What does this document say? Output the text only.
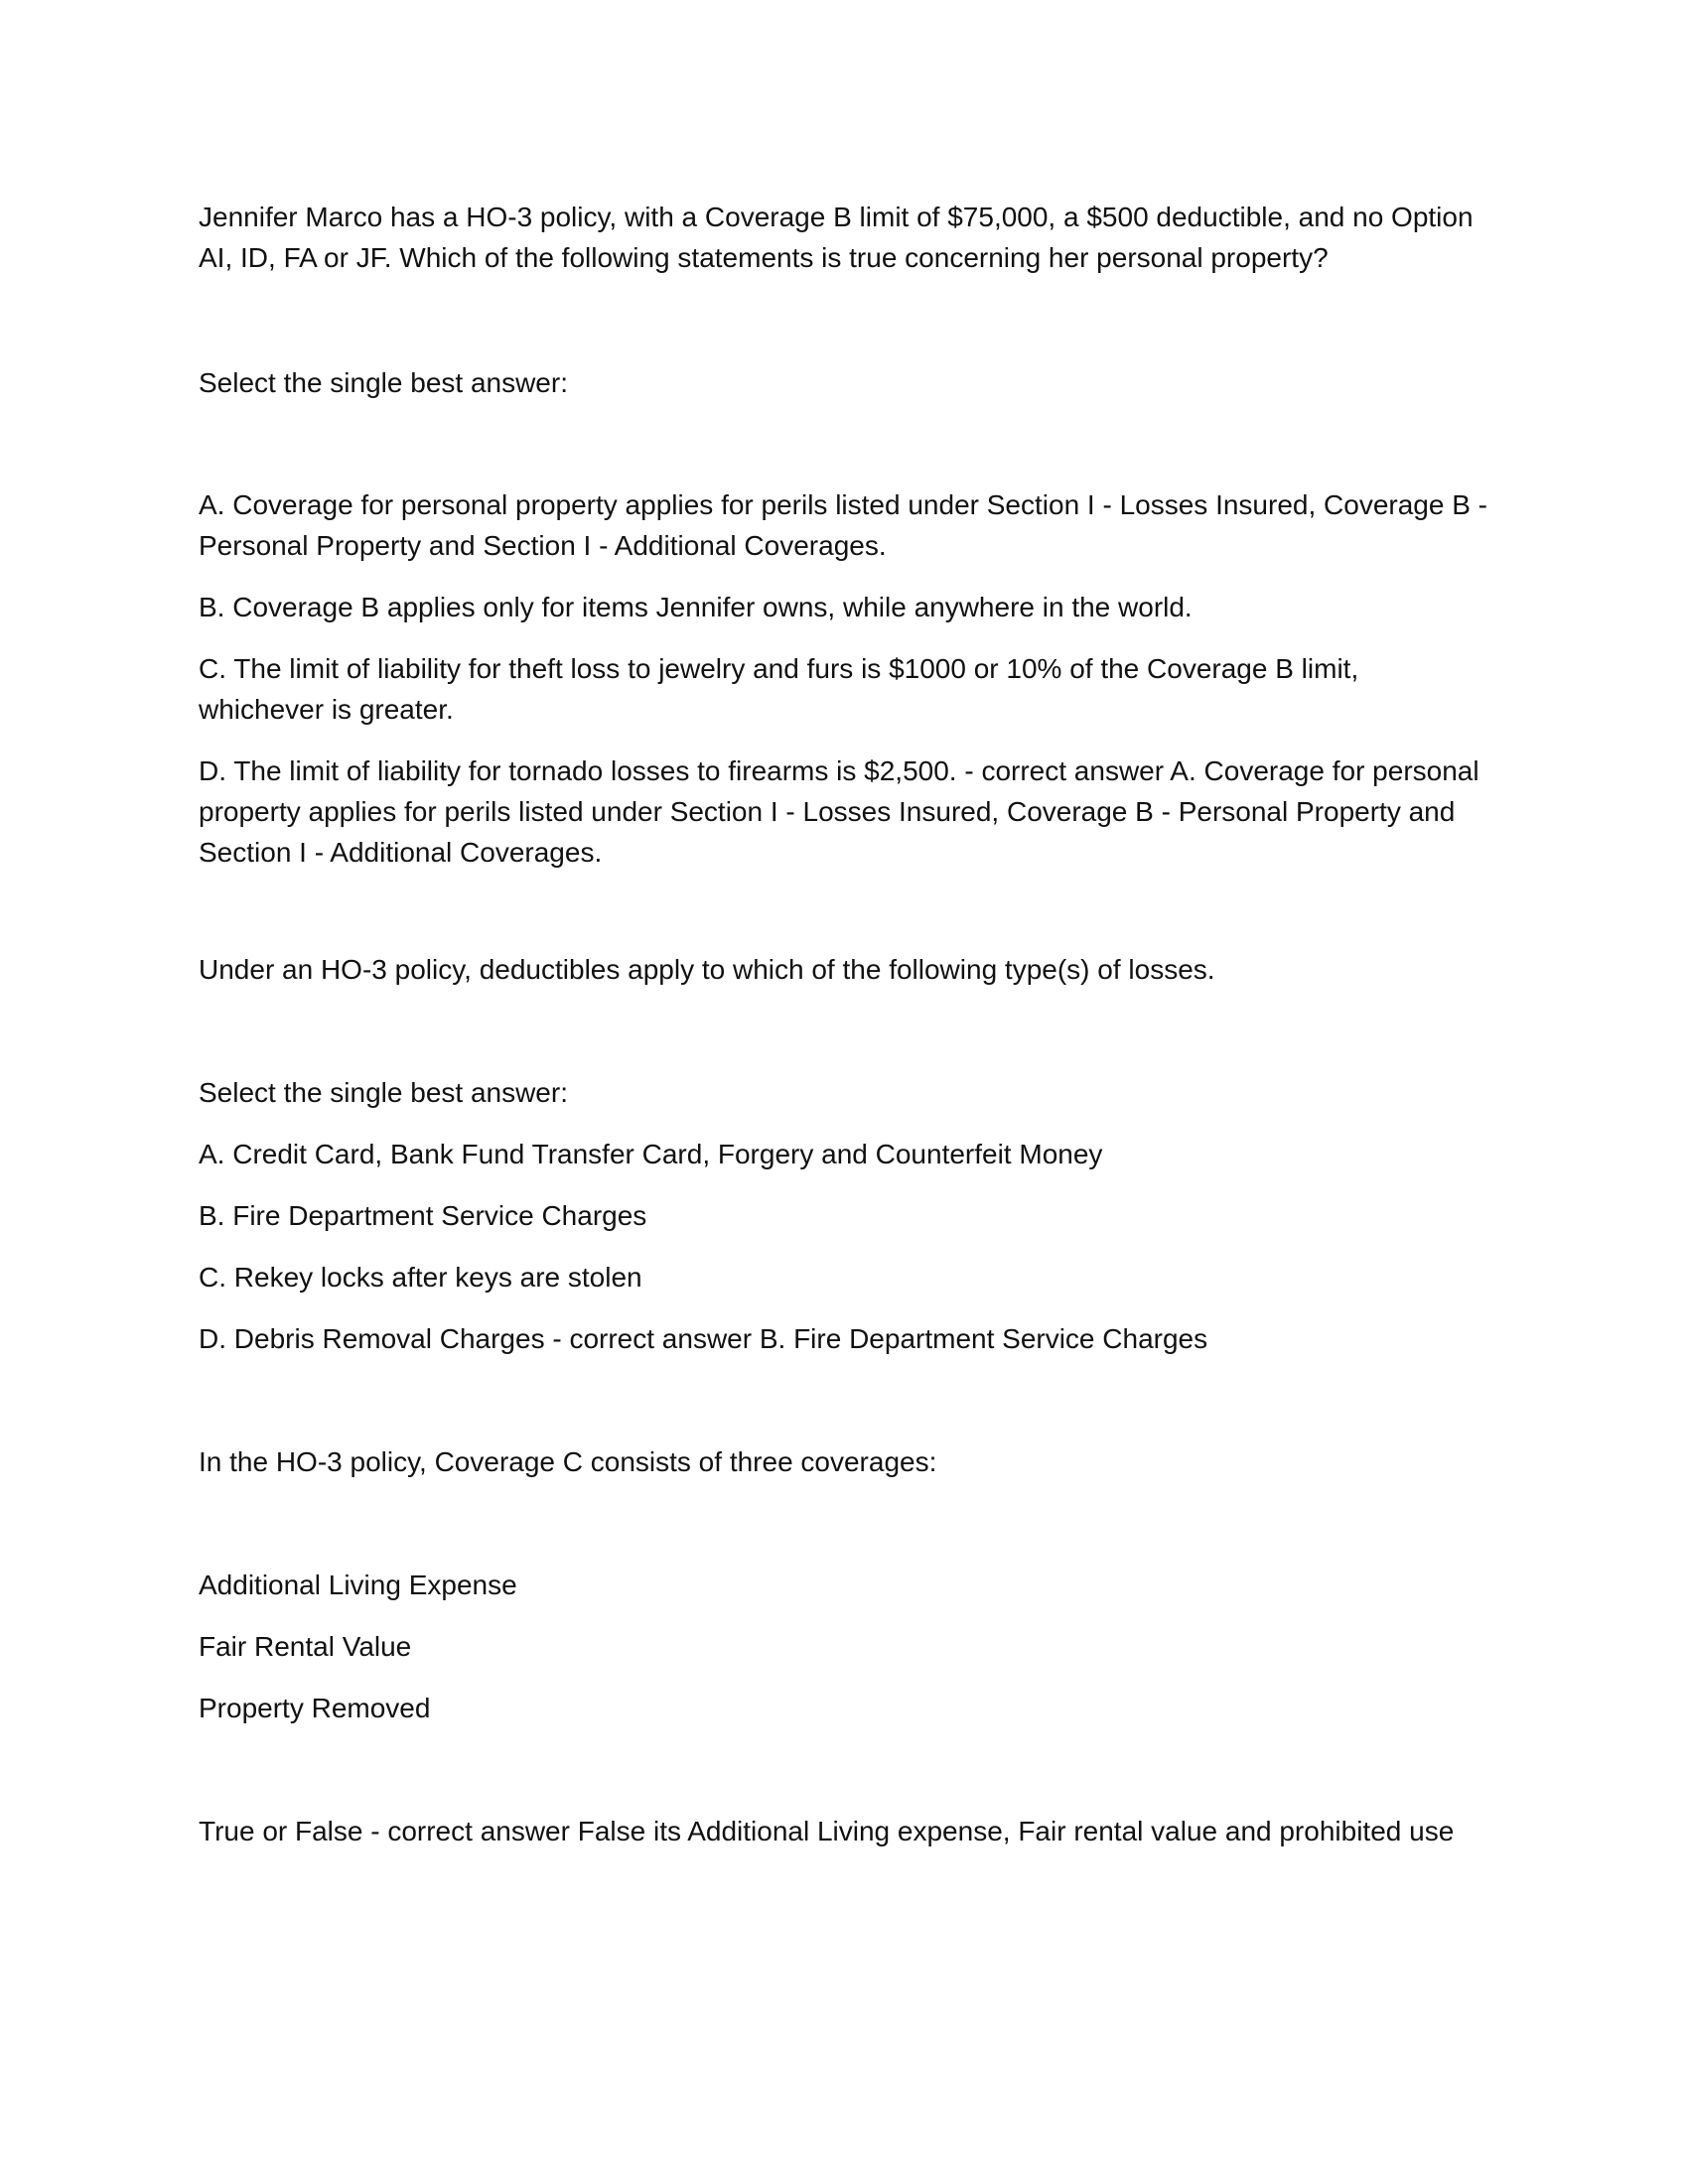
Jennifer Marco has a HO-3 policy, with a Coverage B limit of $75,000, a $500 deductible, and no Option AI, ID, FA or JF. Which of the following statements is true concerning her personal property?

Select the single best answer:

A. Coverage for personal property applies for perils listed under Section I - Losses Insured, Coverage B - Personal Property and Section I - Additional Coverages.

B. Coverage B applies only for items Jennifer owns, while anywhere in the world.

C. The limit of liability for theft loss to jewelry and furs is $1000 or 10% of the Coverage B limit, whichever is greater.

D. The limit of liability for tornado losses to firearms is $2,500. - correct answer A. Coverage for personal property applies for perils listed under Section I - Losses Insured, Coverage B - Personal Property and Section I - Additional Coverages.

Under an HO-3 policy, deductibles apply to which of the following type(s) of losses.

Select the single best answer:

A. Credit Card, Bank Fund Transfer Card, Forgery and Counterfeit Money

B. Fire Department Service Charges

C. Rekey locks after keys are stolen

D. Debris Removal Charges - correct answer B. Fire Department Service Charges

In the HO-3 policy, Coverage C consists of three coverages:

Additional Living Expense

Fair Rental Value

Property Removed

True or False - correct answer False its Additional Living expense, Fair rental value and prohibited use
